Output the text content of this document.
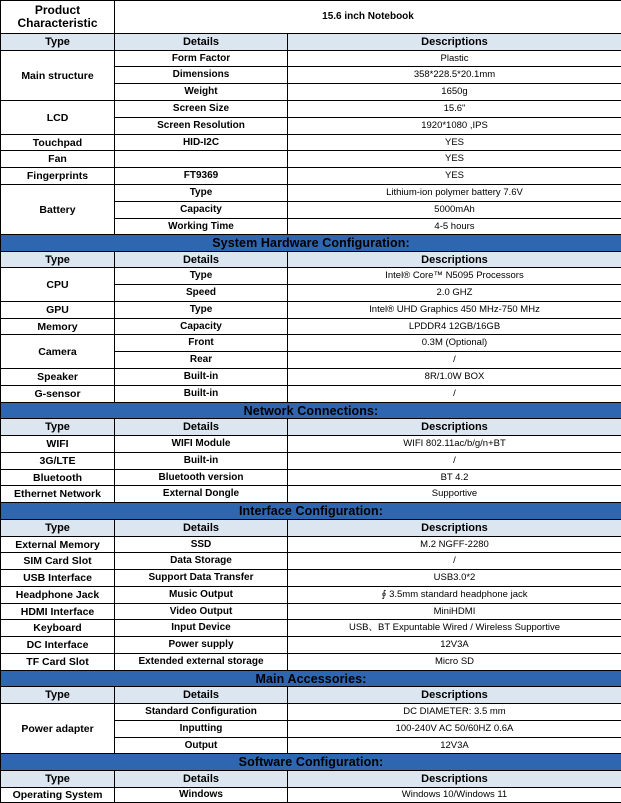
Product Characteristic	15.6 inch Notebook	
Type	Details	Descriptions
Main structure	Form Factor	Plastic
	Dimensions	358*228.5*20.1mm
	Weight	1650g
LCD	Screen Size	15.6"
	Screen Resolution	1920*1080 ,IPS
Touchpad	HID-I2C	YES
Fan		YES
Fingerprints	FT9369	YES
Battery	Type	Lithium-ion polymer battery 7.6V
	Capacity	5000mAh
	Working Time	4-5 hours
System Hardware Configuration:		
Type	Details	Descriptions
CPU	Type	Intel® Core™ N5095 Processors
	Speed	2.0 GHZ
GPU	Type	Intel® UHD Graphics 450 MHz-750 MHz
Memory	Capacity	LPDDR4 12GB/16GB
Camera	Front	0.3M (Optional)
	Rear	/
Speaker	Built-in	8R/1.0W BOX
G-sensor	Built-in	/
Network Connections:		
Type	Details	Descriptions
WIFI	WIFI Module	WIFI 802.11ac/b/g/n+BT
3G/LTE	Built-in	/
Bluetooth	Bluetooth version	BT 4.2
Ethernet Network	External Dongle	Supportive
Interface Configuration:		
Type	Details	Descriptions
External Memory	SSD	M.2 NGFF-2280
SIM Card Slot	Data Storage	/
USB Interface	Support Data Transfer	USB3.0*2
Headphone Jack	Music Output	∮ 3.5mm standard headphone jack
HDMI Interface	Video Output	MiniHDMI
Keyboard	Input Device	USB、BT Expuntable Wired / Wireless Supportive
DC Interface	Power supply	12V3A
TF Card Slot	Extended external storage	Micro SD
Main Accessories:		
Type	Details	Descriptions
Power adapter	Standard Configuration	DC DIAMETER: 3.5 mm
	Inputting	100-240V AC 50/60HZ 0.6A
	Output	12V3A
Software Configuration:		
Type	Details	Descriptions
Operating System	Windows	Windows 10/Windows 11
